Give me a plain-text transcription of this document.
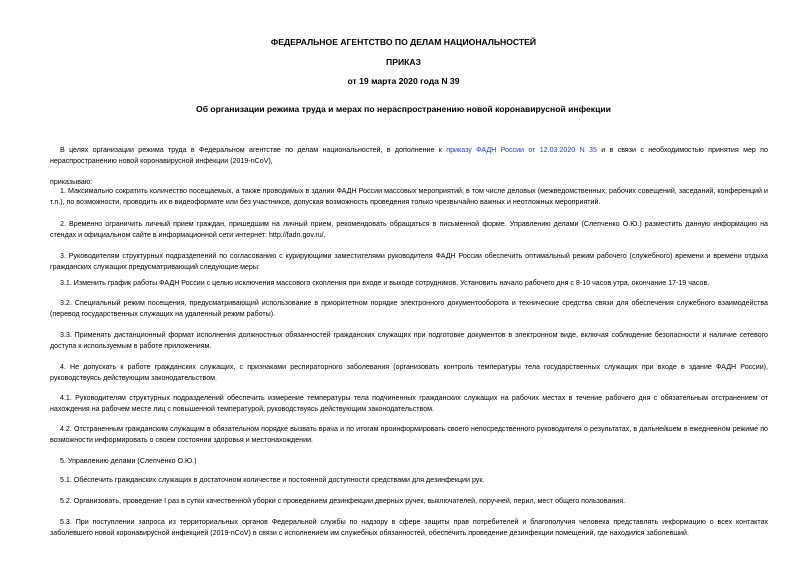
ФЕДЕРАЛЬНОЕ АГЕНТСТВО ПО ДЕЛАМ НАЦИОНАЛЬНОСТЕЙ
ПРИКАЗ
от 19 марта 2020 года N 39
Об организации режима труда и мерах по нераспространению новой коронавирусной инфекции

В целях организации режима труда в Федеральном агентстве по делам национальностей, в дополнение к приказу ФАДН России от 12.03.2020 N 35 и в связи с необходимостью принятия мер по нераспространению новой коронавирусной инфекции (2019-nCoV),

приказываю:

1. Максимально сократить количество посещаемых, а также проводимых в здании ФАДН России массовых мероприятий, в том числе деловых (межведомственных, рабочих совещений, заседаний, конференций и т.п.), по возможности, проводить их в видеоформате или без участников, допуская возможность проведения только чрезвычайно важных и неотложных мероприятий.

2. Временно ограничить личный прием граждан, пришедшим на личный прием, рекомендовать обращаться в письменной форме. Управлению делами (Слепченко О.Ю.) разместить данную информацию на стендах и официальном сайте в информационной сети интернет: http://fadn.gov.ru/.

3. Руководителям структурных подразделений по согласованию с курирующими заместителями руководителя ФАДН России обеспечить оптимальный режим рабочего (служебного) времени и времени отдыха гражданских служащих предусматривающий следующие меры:

3.1. Изменить график работы ФАДН России с целью исключения массового скопления при входе и выходе сотрудников. Установить начало рабочего дня с 8-10 часов утра, окончание 17-19 часов.

3.2. Специальный режим посещения, предусматривающий использование в приоритетном порядке электронного документооборота и технические средства связи для обеспечения служебного взаимодейства (перевод государственных служащих на удаленный режим работы).

3.3. Применять дистанционный формат исполнения должностных обязанностей гражданских служащих при подготовке документов в электронном виде, включая соблюдение безопасности и наличие сетевого доступа к используемым в работе приложениям.

4. Не допускать к работе гражданских служащих, с признаками респираторного заболевания (организовать контроль температуры тела государственных служащих при входе в здание ФАДН России), руководствуясь действующим законодательством.

4.1. Руководителям структурных подразделений обеспечить измерение температуры тела подчиненных гражданских служащих на рабочих местах в течение рабочего дня с обязательным отстранением от нахождения на рабочем месте лиц с повышенной температурой, руководствуясь действующим законодательством.

4.2. Отстраненным гражданским служащим в обязательном порядке вызвать врача и по итогам проинформировать своего непосредственного руководителя о результатах, в дальнейшем в ежедневном режиме по возможности информировать о своем состоянии здоровья и местонахождении.

5. Управлению делами (Слепченко О.Ю.)

5.1. Обеспечить гражданских служащих в достаточном количестве и постоянной доступности средствами для дезинфекции рук.

5.2. Организовать, проведение I раз в сутки качественной уборки с проведением дезинфекции дверных ручек, выключателей, поручней, перил, мест общего пользования.

5.3. При поступлении запроса из территориальных органов Федеральной службы по надзору в сфере защиты прав потребителей и благополучия человека представлять информацию о всех контактах заболевшего новой коронавирусной инфекцией (2019-nCoV) в связи с исполнением им служебных обязанностей, обеспечить проведение дезинфекции помещений, где находился заболевший.
